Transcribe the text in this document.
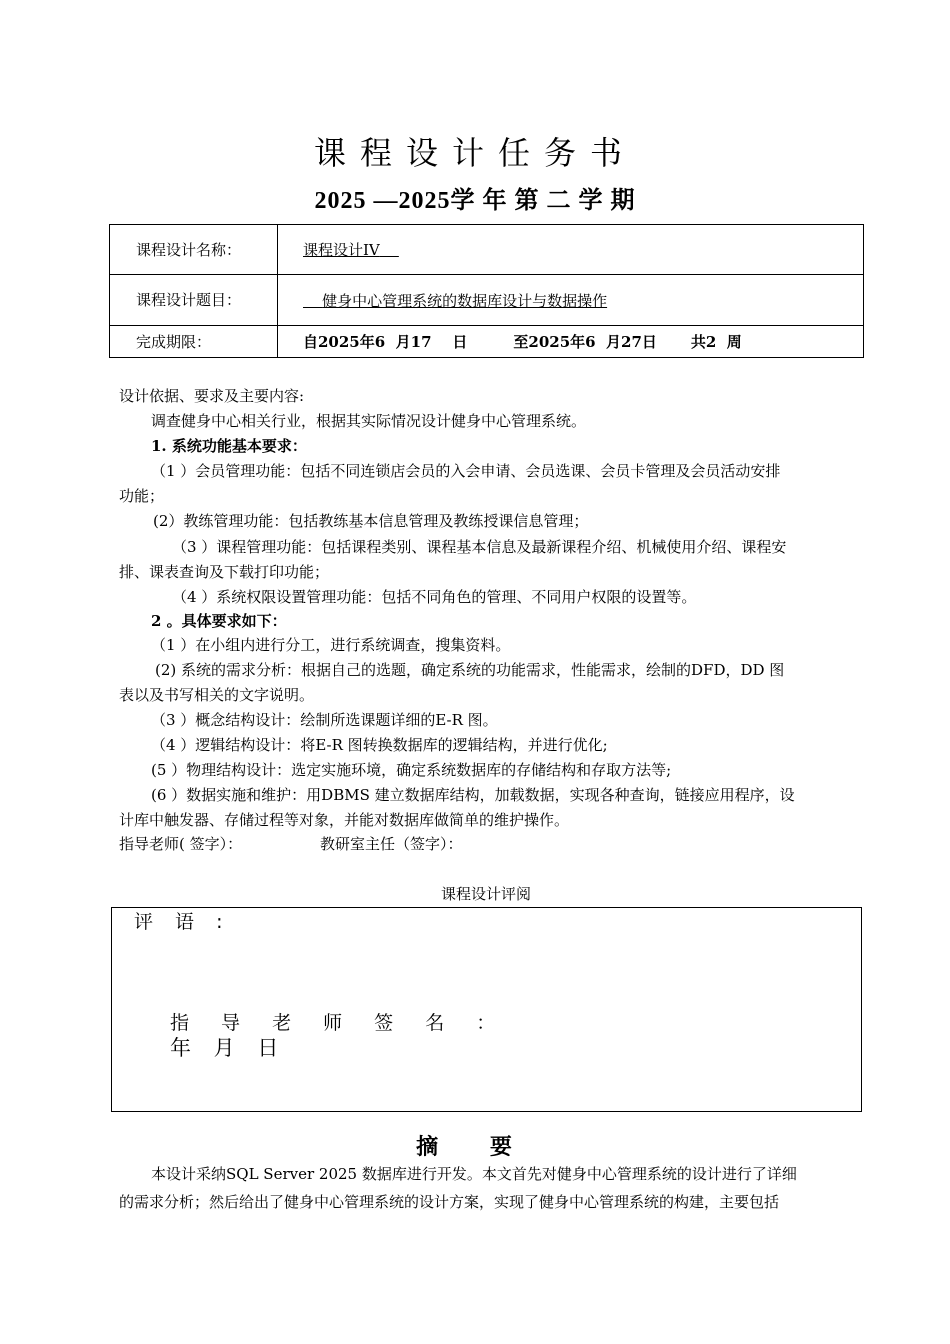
课程设计任务书
2025 —2025学 年 第 二 学 期
课程设计名称：	课程设计IV
课程设计题目：	健身中心管理系统的数据库设计与数据操作
完成期限：	自2025年6  月17    日 至2025年6  月27日 共2  周
设计依据、要求及主要内容:
调查健身中心相关行业，根据其实际情况设计健身中心管理系统。
1. 系统功能基本要求：
（1 ）会员管理功能：包括不同连锁店会员的入会申请、会员选课、会员卡管理及会员活动安排
功能；
(2）教练管理功能：包括教练基本信息管理及教练授课信息管理；
（3 ）课程管理功能：包括课程类别、课程基本信息及最新课程介绍、机械使用介绍、课程安
排、课表查询及下载打印功能；
（4 ）系统权限设置管理功能：包括不同角色的管理、不同用户权限的设置等。
2 。具体要求如下：
（1 ）在小组内进行分工，进行系统调查，搜集资料。
(2) 系统的需求分析：根据自己的选题，确定系统的功能需求，性能需求，绘制的DFD，DD 图
表以及书写相关的文字说明。
（3 ）概念结构设计：绘制所选课题详细的E-R 图。
（4 ）逻辑结构设计：将E-R 图转换数据库的逻辑结构，并进行优化;
(5 ）物理结构设计：选定实施环境，确定系统数据库的存储结构和存取方法等;
(6 ）数据实施和维护：用DBMS 建立数据库结构，加载数据，实现各种查询，链接应用程序，设
计库中触发器、存储过程等对象，并能对数据库做简单的维护操作。
指导老师( 签字）：	教研室主任（签字）：
课程设计评阅
评 语 :
指 导 老 师 签 名 ：
年 月 日
摘 要
本设计采纳SQL Server 2025 数据库进行开发。本文首先对健身中心管理系统的设计进行了详细
的需求分析；然后给出了健身中心管理系统的设计方案，实现了健身中心管理系统的构建，主要包括
